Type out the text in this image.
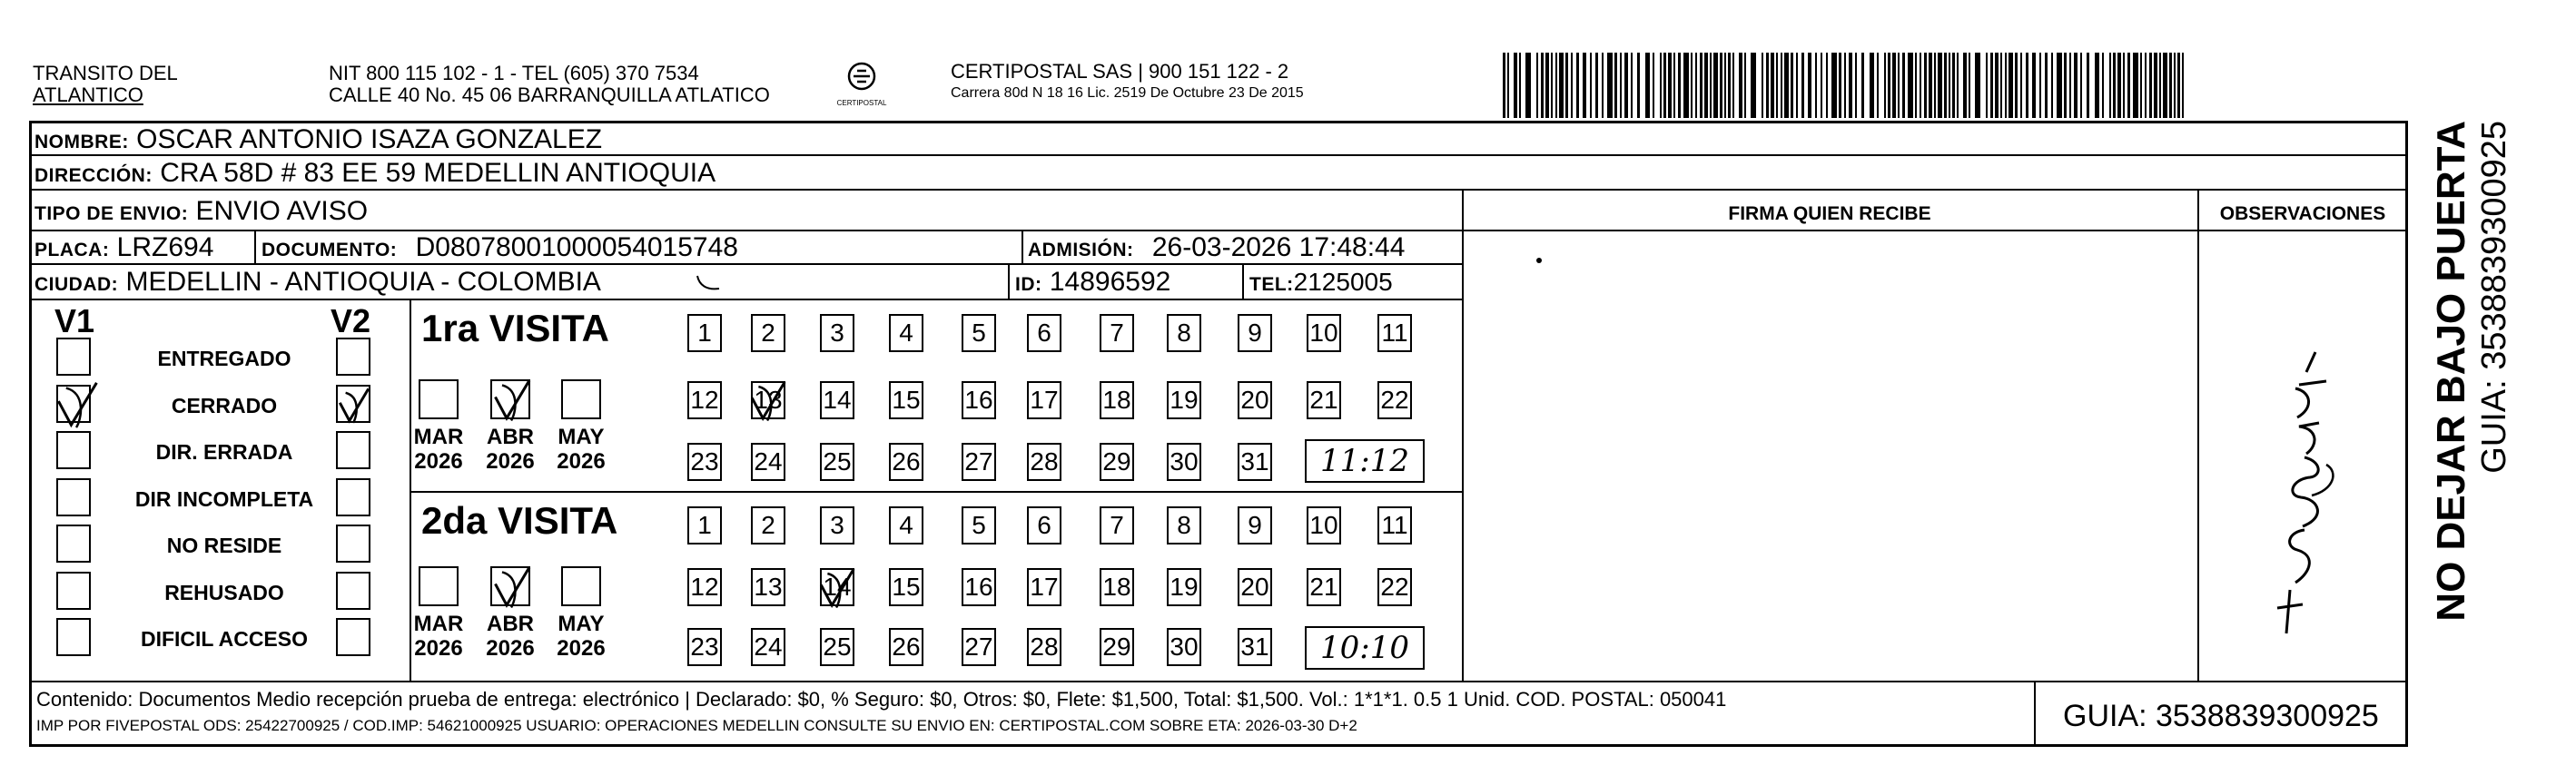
TRANSITO DEL
ATLANTICO
NIT 800 115 102 - 1 - TEL (605) 370 7534
CALLE 40 No. 45 06 BARRANQUILLA ATLATICO	CERTIPOSTAL
CERTIPOSTAL SAS | 900 151 122 - 2
Carrera 80d N 18 16 Lic. 2519 De Octubre 23 De 2015
NOMBRE: OSCAR ANTONIO ISAZA GONZALEZ
DIRECCIÓN: CRA 58D # 83 EE 59 MEDELLIN ANTIOQUIA
TIPO DE ENVIO: ENVIO AVISO
PLACA: LRZ694	DOCUMENTO: D08078001000054015748	ADMISIÓN: 26-03-2026 17:48:44
CIUDAD: MEDELLIN - ANTIOQUIA - COLOMBIA	ID: 14896592	TEL:2125005
FIRMA QUIEN RECIBE	OBSERVACIONES
V1	V2 1ra VISITA
11:12
2da VISITA
10:10
Contenido: Documentos Medio recepción prueba de entrega: electrónico | Declarado: $0, % Seguro: $0, Otros: $0, Flete: $1,500, Total: $1,500. Vol.: 1*1*1. 0.5 1 Unid. COD. POSTAL: 050041
IMP POR FIVEPOSTAL ODS: 25422700925 / COD.IMP: 54621000925 USUARIO: OPERACIONES MEDELLIN CONSULTE SU ENVIO EN: CERTIPOSTAL.COM SOBRE ETA: 2026-03-30 D+2	GUIA: 3538839300925
NO DEJAR BAJO PUERTA GUIA: 3538839300925
ENTREGADO
CERRADO
DIR. ERRADA
DIR INCOMPLETA
NO RESIDE
REHUSADO
DIFICIL ACCESO
MAR
2026
ABR
2026
MAY
2026
MAR
2026
ABR
2026
MAY
2026
1	2	3	4	5	6	7	8	9	10 11
12 13 14 15 16 17 18 19 20 21 22
23 24 25 26 27 28 29 30 31
1	2	3	4	5	6	7	8	9	10 11
12 13 14 15 16 17 18 19 20 21 22
23 24 25 26 27 28 29 30 31
